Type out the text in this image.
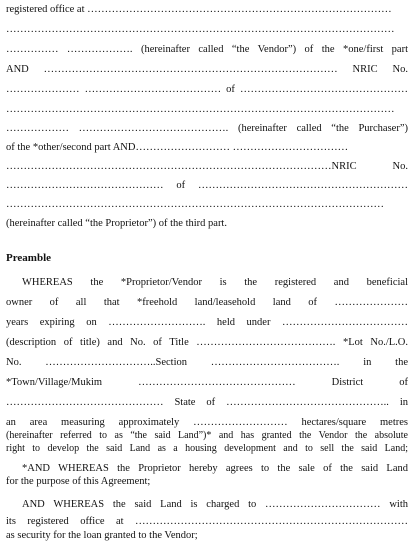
registered office at ……………………………………………………………………………
…………………………………………………………………………………………………
…………… ………………. (hereinafter called “the Vendor”) of the *one/first part
AND ………………………………………………………………………… NRIC No.
………………… ………………………………… of …………………………………………
…………………………………………………………………………………………………
……………… ……………………………………. (hereinafter called “the Purchaser”)
of the *other/second part AND……………………… ……………………………
…………………………………………………………………………………NRIC No.
……………………………………… of ……………………………………………………
………………………………………………………………………………………………
(hereinafter called “the Proprietor”) of the third part.
Preamble
WHEREAS the *Proprietor/Vendor is the registered and beneficial
owner of all that *freehold land/leasehold land of …………………
years expiring on ………………………. held under ………………………………
(description of title) and No. of Title …………………………………. *Lot No./L.O.
No. …………………………..Section ………………………………. in the
*Town/Village/Mukim ……………………………………… District of
……………………………………… State of ……………………………………….. in
an area measuring approximately ……………………… hectares/square metres
(hereinafter referred to as “the said Land”)* and has granted the Vendor the absolute
right to develop the said Land as a housing development and to sell the said Land;
*AND WHEREAS the Proprietor hereby agrees to the sale of the said Land
for the purpose of this Agreement;
AND WHEREAS the said Land is charged to …………………………… with
its registered office at ……………………………………………………………………
as security for the loan granted to the Vendor;
